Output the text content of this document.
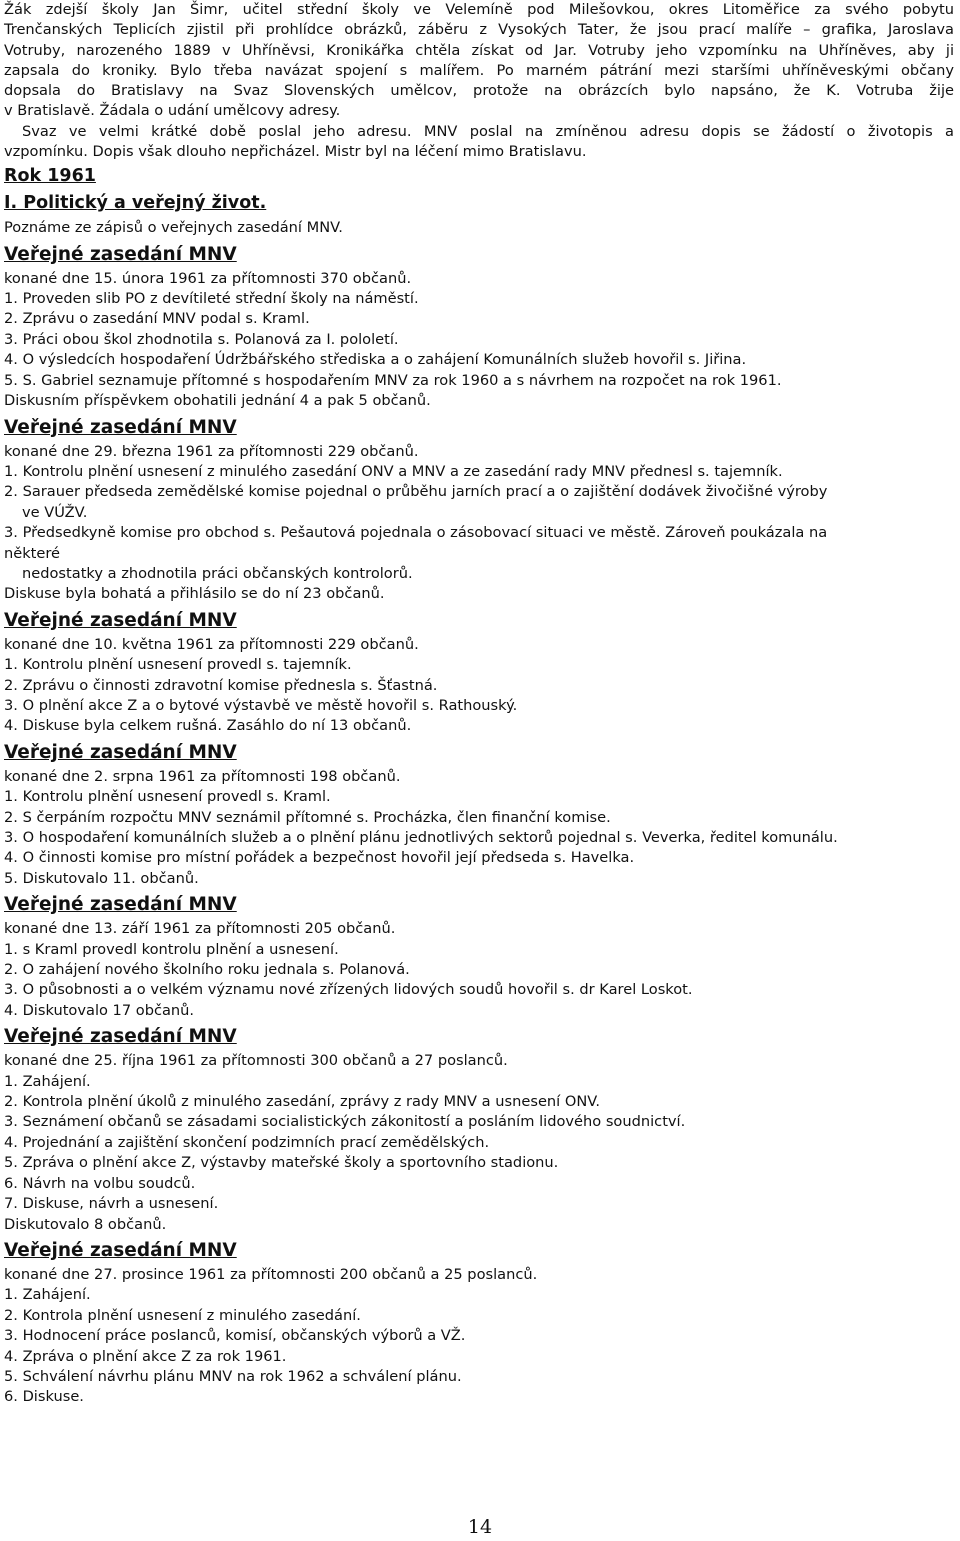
Žák zdejší školy Jan Šimr, učitel střední školy ve Velemíně pod Milešovkou, okres Litoměřice za svého pobytu

Trenčanských Teplicích zjistil při prohlídce obrázků, záběru z Vysokých Tater, že jsou prací malíře – grafika, Jaroslava

Votruby, narozeného 1889 v Uhříněvsi, Kronikářka chtěla získat od Jar. Votruby jeho vzpomínku na Uhříněves, aby ji

zapsala do kroniky. Bylo třeba navázat spojení s malířem. Po marném pátrání mezi staršími uhříněveskými občany

dopsala do Bratislavy na Svaz Slovenských umělcov, protože na obrázcích bylo napsáno, že K. Votruba žije

v Bratislavě. Žádala o udání umělcovy adresy.

Svaz ve velmi krátké době poslal jeho adresu. MNV poslal na zmíněnou adresu dopis se žádostí o životopis a

vzpomínku. Dopis však dlouho nepřicházel. Mistr byl na léčení mimo Bratislavu.

Rok 1961

I. Politický a veřejný život.

Poznáme ze zápisů o veřejnych zasedání MNV.

Veřejné zasedání MNV

konané dne 15. února 1961 za přítomnosti 370 občanů.

1. Proveden slib PO z devítileté střední školy na náměstí.

2. Zprávu o zasedání MNV podal s. Kraml.

3. Práci obou škol zhodnotila s. Polanová za I. pololetí.

4. O výsledcích hospodaření Údržbářského střediska a o zahájení Komunálních služeb hovořil s. Jiřina.

5. S. Gabriel seznamuje přítomné s hospodařením MNV za rok 1960 a s návrhem na rozpočet na rok 1961.

Diskusním příspěvkem obohatili jednání 4 a pak 5 občanů.

Veřejné zasedání MNV

konané dne 29. března 1961 za přítomnosti 229 občanů.

1. Kontrolu plnění usnesení z minulého zasedání ONV a MNV a ze zasedání rady MNV přednesl s. tajemník.

2. Sarauer předseda zemědělské komise pojednal o průběhu jarních prací a o zajištění dodávek živočišné výroby

ve VÚŽV.

3. Předsedkyně komise pro obchod s. Pešautová pojednala o zásobovací situaci ve městě. Zároveň poukázala na

některé

nedostatky a zhodnotila práci občanských kontrolorů.

Diskuse byla bohatá a přihlásilo se do ní 23 občanů.

Veřejné zasedání MNV

konané dne 10. května 1961 za přítomnosti 229 občanů.

1. Kontrolu plnění usnesení provedl s. tajemník.

2. Zprávu o činnosti zdravotní komise přednesla s. Šťastná.

3. O plnění akce Z a o bytové výstavbě ve městě hovořil s. Rathouský.

4. Diskuse byla celkem rušná. Zasáhlo do ní 13 občanů.

Veřejné zasedání MNV

konané dne 2. srpna 1961 za přítomnosti 198 občanů.

1. Kontrolu plnění usnesení provedl s. Kraml.

2. S čerpáním rozpočtu MNV seznámil přítomné s. Procházka, člen finanční komise.

3. O hospodaření komunálních služeb a o plnění plánu jednotlivých sektorů pojednal s. Veverka, ředitel komunálu.

4. O činnosti komise pro místní pořádek a bezpečnost hovořil její předseda s. Havelka.

5. Diskutovalo 11. občanů.

Veřejné zasedání MNV

konané dne 13. září 1961 za přítomnosti 205 občanů.

1. s Kraml provedl kontrolu plnění a usnesení.

2. O zahájení nového školního roku jednala s. Polanová.

3. O působnosti a o velkém významu nové zřízených lidových soudů hovořil s. dr Karel Loskot.

4. Diskutovalo 17 občanů.

Veřejné zasedání MNV

konané dne 25. října 1961 za přítomnosti 300 občanů a 27 poslanců.

1. Zahájení.

2. Kontrola plnění úkolů z minulého zasedání, zprávy z rady MNV a usnesení ONV.

3. Seznámení občanů se zásadami socialistických zákonitostí a posláním lidového soudnictví.

4. Projednání a zajištění skončení podzimních prací zemědělských.

5. Zpráva o plnění akce Z, výstavby mateřské školy a sportovního stadionu.

6. Návrh na volbu soudců.

7. Diskuse, návrh a usnesení.

Diskutovalo 8 občanů.

Veřejné zasedání MNV

konané dne 27. prosince 1961 za přítomnosti 200 občanů a 25 poslanců.

1. Zahájení.

2. Kontrola plnění usnesení z minulého zasedání.

3. Hodnocení práce poslanců, komisí, občanských výborů a VŽ.

4. Zpráva o plnění akce Z za rok 1961.

5. Schválení návrhu plánu MNV na rok 1962 a schválení plánu.

6. Diskuse.

14
